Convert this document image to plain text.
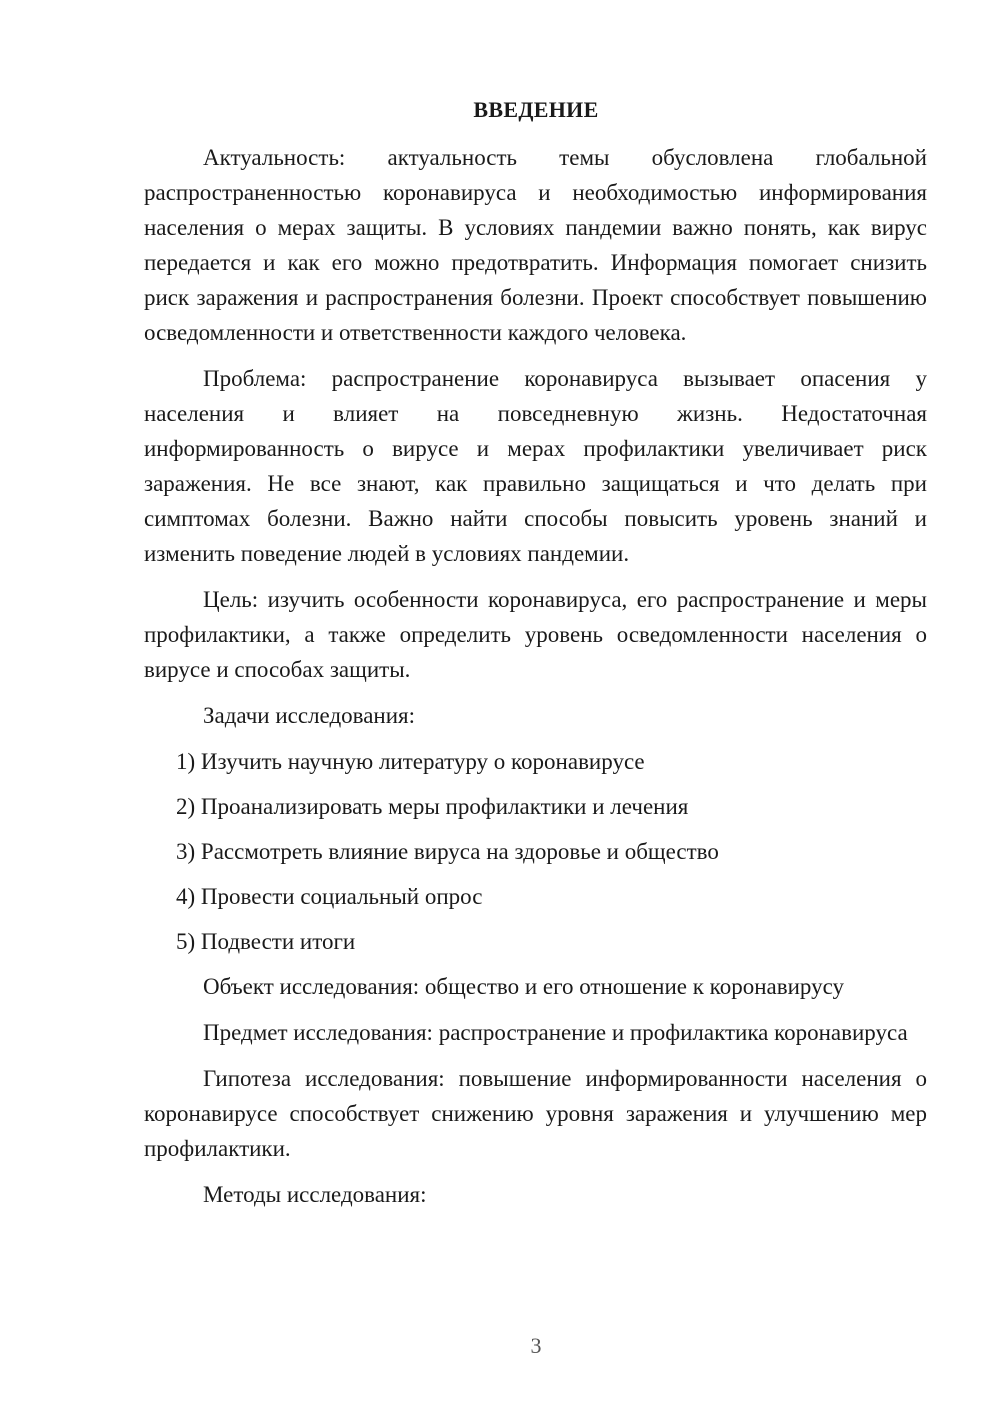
ВВЕДЕНИЕ

Актуальность: актуальность темы обусловлена глобальной распространенностью коронавируса и необходимостью информирования населения о мерах защиты. В условиях пандемии важно понять, как вирус передается и как его можно предотвратить. Информация помогает снизить риск заражения и распространения болезни. Проект способствует повышению осведомленности и ответственности каждого человека.

Проблема: распространение коронавируса вызывает опасения у населения и влияет на повседневную жизнь. Недостаточная информированность о вирусе и мерах профилактики увеличивает риск заражения. Не все знают, как правильно защищаться и что делать при симптомах болезни. Важно найти способы повысить уровень знаний и изменить поведение людей в условиях пандемии.

Цель: изучить особенности коронавируса, его распространение и меры профилактики, а также определить уровень осведомленности населения о вирусе и способах защиты.

Задачи исследования:

1) Изучить научную литературу о коронавирусе
2) Проанализировать меры профилактики и лечения
3) Рассмотреть влияние вируса на здоровье и общество
4) Провести социальный опрос
5) Подвести итоги

Объект исследования: общество и его отношение к коронавирусу

Предмет исследования: распространение и профилактика коронавируса

Гипотеза исследования: повышение информированности населения о коронавирусе способствует снижению уровня заражения и улучшению мер профилактики.

Методы исследования:

3
